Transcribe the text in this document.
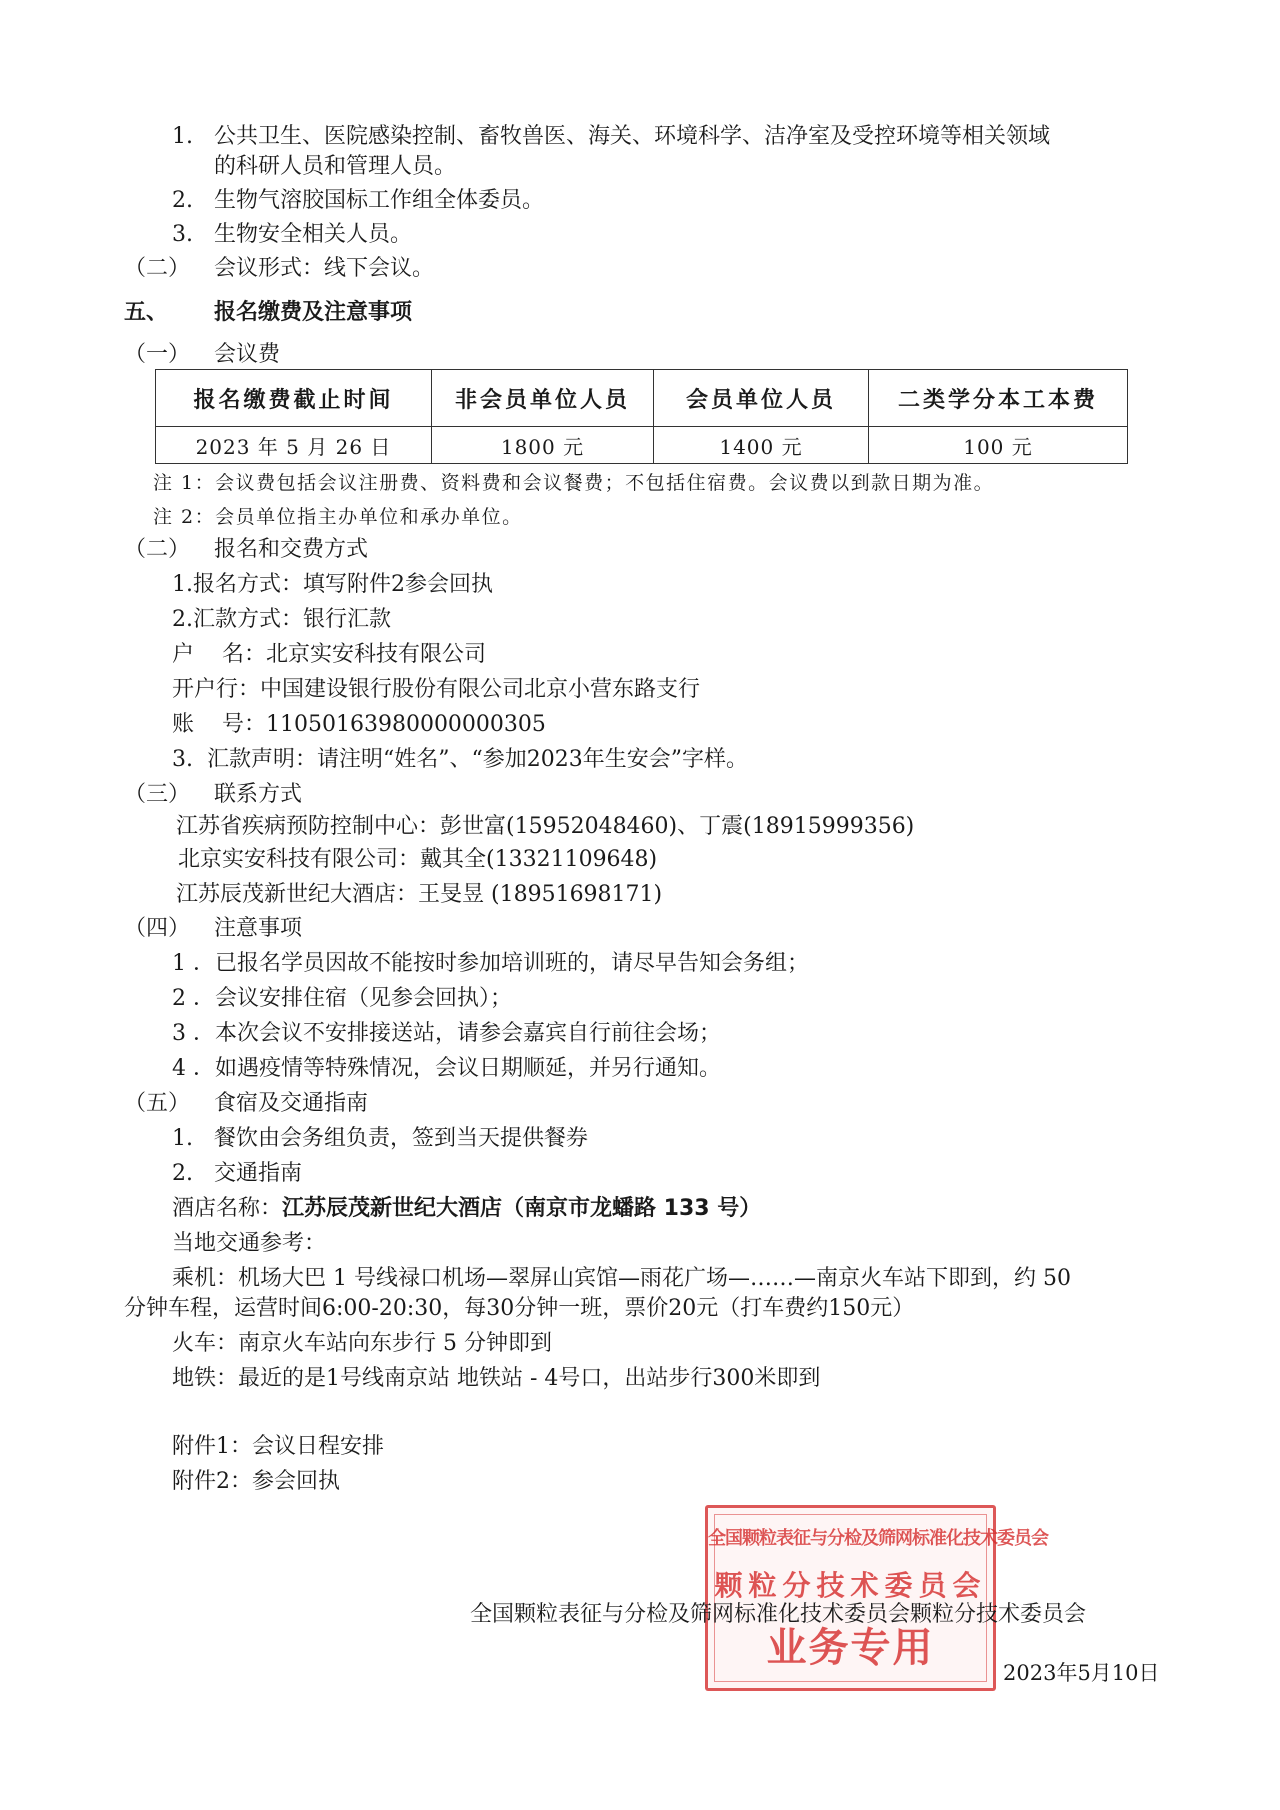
1. 公共卫生、医院感染控制、畜牧兽医、海关、环境科学、洁净室及受控环境等相关领域
的科研人员和管理人员。
2. 生物气溶胶国标工作组全体委员。
3. 生物安全相关人员。
（二） 会议形式：线下会议。
五、 报名缴费及注意事项
（一） 会议费
报名缴费截止时间	非会员单位人员	会员单位人员	二类学分本工本费
2023 年 5 月 26 日	1800 元	1400 元	100 元
注 1：会议费包括会议注册费、资料费和会议餐费；不包括住宿费。会议费以到款日期为准。
注 2：会员单位指主办单位和承办单位。
（二） 报名和交费方式
1.报名方式：填写附件2参会回执
2.汇款方式：银行汇款
户    名：北京实安科技有限公司
开户行：中国建设银行股份有限公司北京小营东路支行
账    号：11050163980000000305
3.  汇款声明：请注明“姓名”、“参加2023年生安会”字样。
（三） 联系方式
江苏省疾病预防控制中心：彭世富(15952048460)、丁震(18915999356)
北京实安科技有限公司：戴其全(13321109648)
江苏辰茂新世纪大酒店：王旻昱 (18951698171)
（四） 注意事项
1 ．已报名学员因故不能按时参加培训班的，请尽早告知会务组；
2 ．会议安排住宿（见参会回执）；
3 ．本次会议不安排接送站，请参会嘉宾自行前往会场；
4 ．如遇疫情等特殊情况，会议日期顺延，并另行通知。
（五） 食宿及交通指南
1.   餐饮由会务组负责，签到当天提供餐券
2.   交通指南
酒店名称：江苏辰茂新世纪大酒店（南京市龙蟠路 133 号）
当地交通参考：
乘机：机场大巴 1 号线禄口机场—翠屏山宾馆—雨花广场—……—南京火车站下即到，约 50
分钟车程，运营时间6:00-20:30，每30分钟一班，票价20元（打车费约150元）
火车：南京火车站向东步行 5 分钟即到
地铁：最近的是1号线南京站 地铁站 - 4号口，出站步行300米即到
附件1：会议日程安排
附件2：参会回执
全国颗粒表征与分检及筛网标准化技术委员会
颗粒分技术委员会
业务专用
全国颗粒表征与分检及筛网标准化技术委员会颗粒分技术委员会
2023年5月10日
